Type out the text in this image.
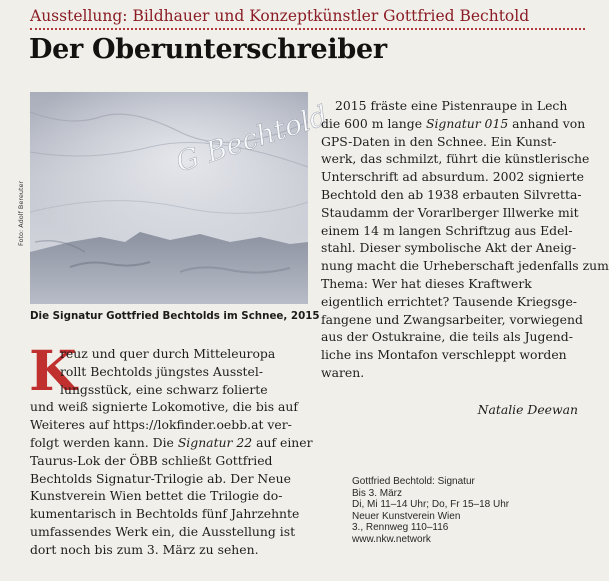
Ausstellung: Bildhauer und Konzeptkünstler Gottfried Bechtold
Der Oberunterschreiber
Foto: Adolf Bereuter
G Bechtold
Die Signatur Gottfried Bechtolds im Schnee, 2015
K
reuz und quer durch Mitteleuropa
rollt Bechtolds jüngstes Ausstel-
lungsstück, eine schwarz folierte
und weiß signierte Lokomotive, die bis auf
Weiteres auf https://lokfinder.oebb.at ver-
folgt werden kann. Die Signatur 22 auf einer
Taurus-Lok der ÖBB schließt Gottfried
Bechtolds Signatur-Trilogie ab. Der Neue
Kunstverein Wien bettet die Trilogie do-
kumentarisch in Bechtolds fünf Jahrzehnte
umfassendes Werk ein, die Ausstellung ist
dort noch bis zum 3. März zu sehen.
2015 fräste eine Pistenraupe in Lech
die 600 m lange Signatur 015 anhand von
GPS-Daten in den Schnee. Ein Kunst-
werk, das schmilzt, führt die künstlerische
Unterschrift ad absurdum. 2002 signierte
Bechtold den ab 1938 erbauten Silvretta-
Staudamm der Vorarlberger Illwerke mit
einem 14 m langen Schriftzug aus Edel-
stahl. Dieser symbolische Akt der Aneig-
nung macht die Urheberschaft jedenfalls zum
Thema: Wer hat dieses Kraftwerk
eigentlich errichtet? Tausende Kriegsge-
fangene und Zwangsarbeiter, vorwiegend
aus der Ostukraine, die teils als Jugend-
liche ins Montafon verschleppt worden
waren.
Natalie Deewan
Gottfried Bechtold: Signatur
Bis 3. März
Di, Mi 11–14 Uhr; Do, Fr 15–18 Uhr
Neuer Kunstverein Wien
3., Rennweg 110–116
www.nkw.network
